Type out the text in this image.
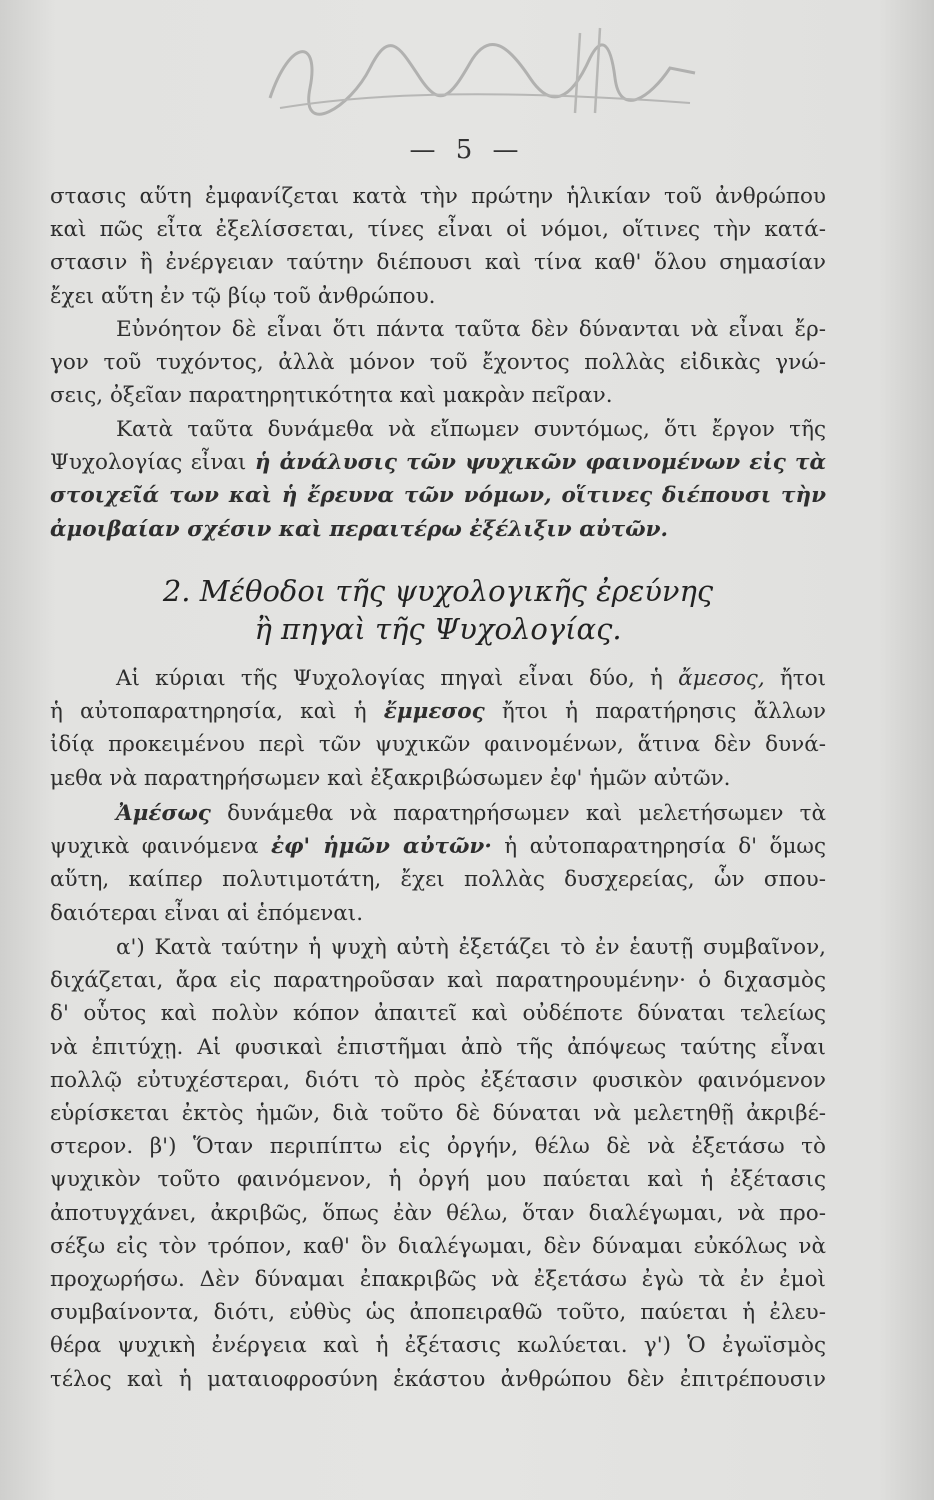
— 5 —
στασις αὕτη ἐμφανίζεται κατὰ τὴν πρώτην ἡλικίαν τοῦ ἀνθρώπου
καὶ πῶς εἶτα ἐξελίσσεται, τίνες εἶναι οἱ νόμοι, οἵτινες τὴν κατά-
στασιν ἢ ἐνέργειαν ταύτην διέπουσι καὶ τίνα καθ' ὅλου σημασίαν
ἔχει αὕτη ἐν τῷ βίῳ τοῦ ἀνθρώπου.
Εὐνόητον δὲ εἶναι ὅτι πάντα ταῦτα δὲν δύνανται νὰ εἶναι ἔρ-
γον τοῦ τυχόντος, ἀλλὰ μόνον τοῦ ἔχοντος πολλὰς εἰδικὰς γνώ-
σεις, ὀξεῖαν παρατηρητικότητα καὶ μακρὰν πεῖραν.
Κατὰ ταῦτα δυνάμεθα νὰ εἴπωμεν συντόμως, ὅτι ἔργον τῆς
Ψυχολογίας εἶναι ἡ ἀνάλυσις τῶν ψυχικῶν φαινομένων εἰς τὰ
στοιχεῖά των καὶ ἡ ἔρευνα τῶν νόμων, οἵτινες διέπουσι τὴν
ἀμοιβαίαν σχέσιν καὶ περαιτέρω ἐξέλιξιν αὐτῶν.
2. Μέθοδοι τῆς ψυχολογικῆς ἐρεύνης
ἢ πηγαὶ τῆς Ψυχολογίας.
Αἱ κύριαι τῆς Ψυχολογίας πηγαὶ εἶναι δύο, ἡ ἄμεσος, ἤτοι
ἡ αὐτοπαρατηρησία, καὶ ἡ ἔμμεσος ἤτοι ἡ παρατήρησις ἄλλων
ἰδίᾳ προκειμένου περὶ τῶν ψυχικῶν φαινομένων, ἅτινα δὲν δυνά-
μεθα νὰ παρατηρήσωμεν καὶ ἐξακριβώσωμεν ἐφ' ἡμῶν αὐτῶν.
Ἀμέσως δυνάμεθα νὰ παρατηρήσωμεν καὶ μελετήσωμεν τὰ
ψυχικὰ φαινόμενα ἐφ' ἡμῶν αὐτῶν· ἡ αὐτοπαρατηρησία δ' ὅμως
αὕτη, καίπερ πολυτιμοτάτη, ἔχει πολλὰς δυσχερείας, ὧν σπου-
δαιότεραι εἶναι αἱ ἑπόμεναι.
α') Κατὰ ταύτην ἡ ψυχὴ αὐτὴ ἐξετάζει τὸ ἐν ἑαυτῇ συμβαῖνον,
διχάζεται, ἄρα εἰς παρατηροῦσαν καὶ παρατηρουμένην· ὁ διχασμὸς
δ' οὗτος καὶ πολὺν κόπον ἀπαιτεῖ καὶ οὐδέποτε δύναται τελείως
νὰ ἐπιτύχῃ. Αἱ φυσικαὶ ἐπιστῆμαι ἀπὸ τῆς ἀπόψεως ταύτης εἶναι
πολλῷ εὐτυχέστεραι, διότι τὸ πρὸς ἐξέτασιν φυσικὸν φαινόμενον
εὑρίσκεται ἐκτὸς ἡμῶν, διὰ τοῦτο δὲ δύναται νὰ μελετηθῇ ἀκριβέ-
στερον. β') Ὅταν περιπίπτω εἰς ὀργήν, θέλω δὲ νὰ ἐξετάσω τὸ
ψυχικὸν τοῦτο φαινόμενον, ἡ ὀργή μου παύεται καὶ ἡ ἐξέτασις
ἀποτυγχάνει, ἀκριβῶς, ὅπως ἐὰν θέλω, ὅταν διαλέγωμαι, νὰ προ-
σέξω εἰς τὸν τρόπον, καθ' ὃν διαλέγωμαι, δὲν δύναμαι εὐκόλως νὰ
προχωρήσω. Δὲν δύναμαι ἐπακριβῶς νὰ ἐξετάσω ἐγὼ τὰ ἐν ἐμοὶ
συμβαίνοντα, διότι, εὐθὺς ὡς ἀποπειραθῶ τοῦτο, παύεται ἡ ἐλευ-
θέρα ψυχικὴ ἐνέργεια καὶ ἡ ἐξέτασις κωλύεται. γ') Ὁ ἐγωϊσμὸς
τέλος καὶ ἡ ματαιοφροσύνη ἑκάστου ἀνθρώπου δὲν ἐπιτρέπουσιν
